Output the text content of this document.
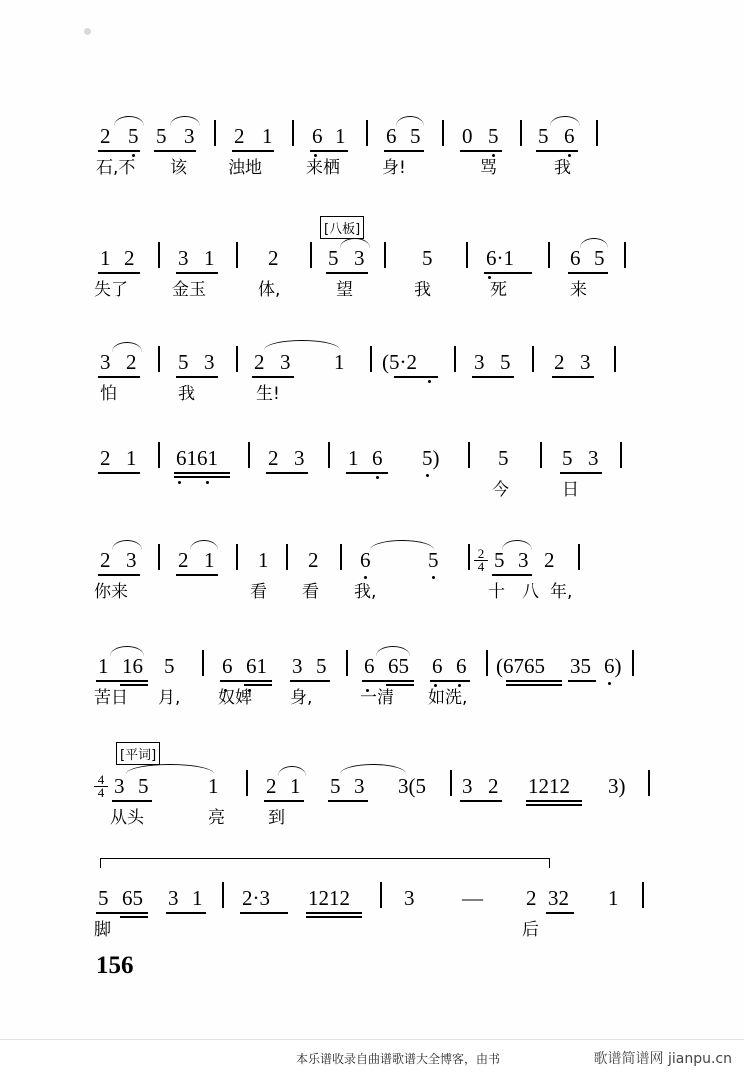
2 5 5 3 2 1 6 1 6 5 0 5 5 6
石,不 该 浊地	来栖 身!	骂	我
[八板]
1 2 3 1	2 5 3	5	6·1	6 5
失了	金玉	体,	望	我	死	来
3 2 5 3 2 3 1 (5·2	3 5 2 3
怕	我	生!
2 1 6161 2 3 1 6 5)	5	5 3
今	日
2 3 2 1 1 2 6	5	$\frac{2}{4} 5$ 3 2
你来	看 看 我,	十 八 年,
1 16 5 6 61 3 5 6 65 6 6 (6765 35 6)
苦日 月, 奴婢 身,	一清 如洗,
[平词]
$\frac{4}{4} 3$ 5	1 2 1 5 3 3(5 3 2 1212 3)
从头	亮	到
5 65 3 1 2·3 1212	3 — 2 32 1
脚	后
156
本乐谱收录自曲谱歌谱大全博客，由书	歌谱简谱网 jianpu.cn
